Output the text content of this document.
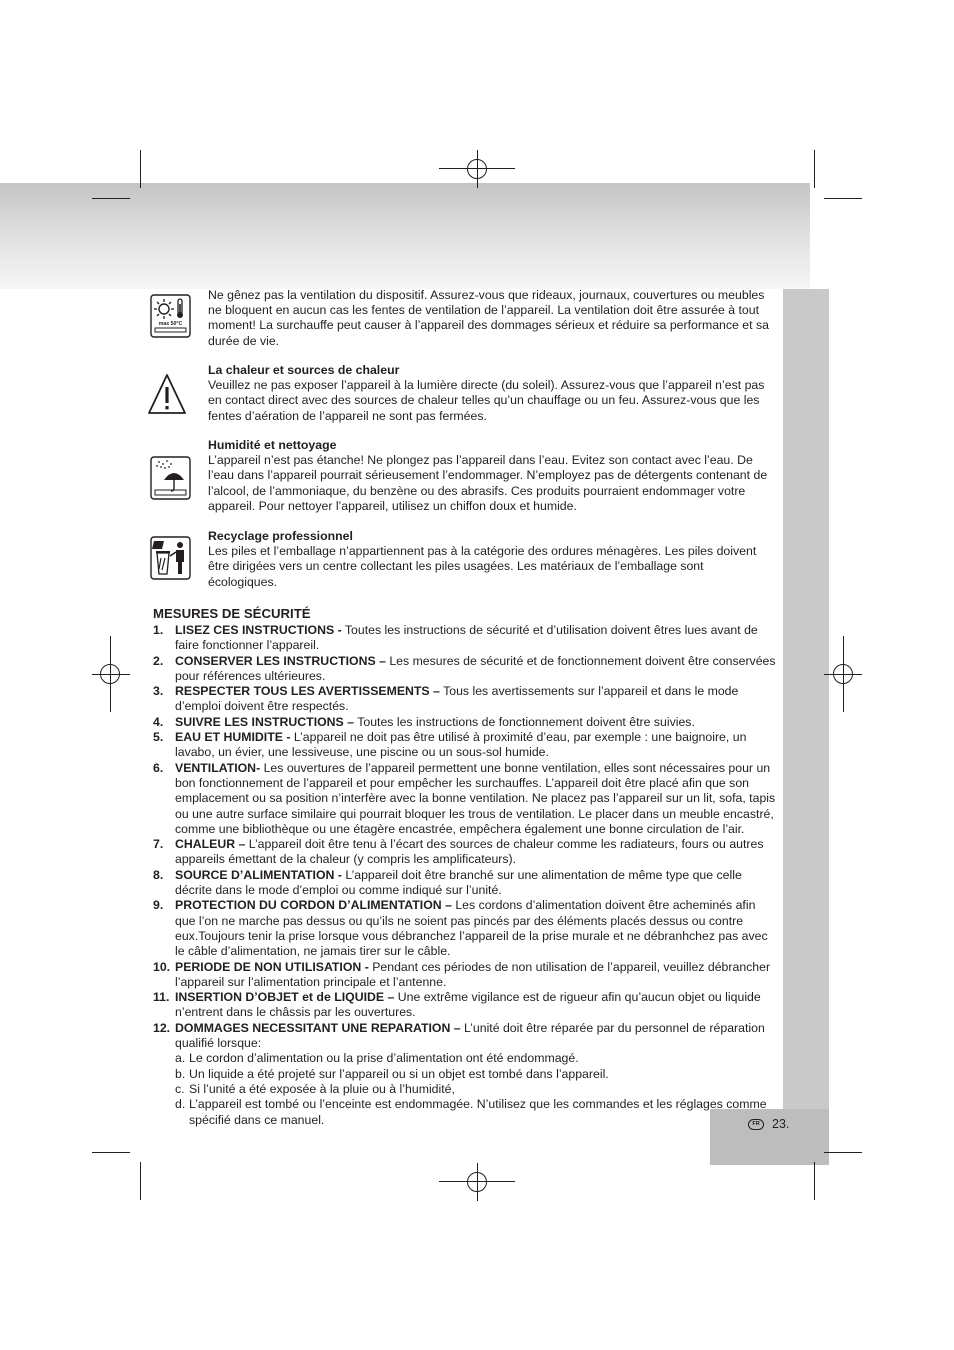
FR 23.
max 50°C

Ne gênez pas la ventilation du dispositif. Assurez-vous que rideaux, journaux, couvertures ou meubles ne bloquent en aucun cas les fentes de ventilation de l’appareil. La ventilation doit être assurée à tout moment! La surchauffe peut causer à l’appareil des dommages sérieux et réduire sa performance et sa durée de vie.

La chaleur et sources de chaleur

Veuillez ne pas exposer l’appareil à la lumière directe (du soleil). Assurez-vous que l’appareil n’est pas en contact direct avec des sources de chaleur telles qu’un chauffage ou un feu. Assurez-vous que les fentes d’aération de l’appareil ne sont pas fermées.

Humidité et nettoyage

L’appareil n’est pas étanche! Ne plongez pas l’appareil dans l’eau. Evitez son contact avec l’eau. De l’eau dans l’appareil pourrait sérieusement l’endommager. N’employez pas de détergents contenant de l’alcool, de l’ammoniaque, du benzène ou des abrasifs. Ces produits pourraient endommager votre appareil. Pour nettoyer l’appareil, utilisez un chiffon doux et humide.

Recyclage professionnel

Les piles et l’emballage n’appartiennent pas à la catégorie des ordures ménagères. Les piles doivent être dirigées vers un centre collectant les piles usagées. Les matériaux de l’emballage sont écologiques.

MESURES DE SÉCURITÉ
1. LISEZ CES INSTRUCTIONS - Toutes les instructions de sécurité et d’utilisation doivent êtres lues avant de faire fonctionner l’appareil.
2. CONSERVER LES INSTRUCTIONS – Les mesures de sécurité et de fonctionnement doivent être conservées pour références ultérieures.
3. RESPECTER TOUS LES AVERTISSEMENTS – Tous les avertissements sur l’appareil et dans le mode d’emploi doivent être respectés.
4. SUIVRE LES INSTRUCTIONS – Toutes les instructions de fonctionnement doivent être suivies.
5. EAU ET HUMIDITE - L’appareil ne doit pas être utilisé à proximité d’eau, par exemple : une baignoire, un lavabo, un évier, une lessiveuse, une piscine ou un sous-sol humide.
6. VENTILATION- Les ouvertures de l’appareil permettent une bonne ventilation, elles sont nécessaires pour un bon fonctionnement de l’appareil et pour empêcher les surchauffes. L’appareil doit être placé afin que son emplacement ou sa position n’interfère avec la bonne ventilation. Ne placez pas l’appareil sur un lit, sofa, tapis ou une autre surface similaire qui pourrait bloquer les trous de ventilation. Le placer dans un meuble encastré, comme une bibliothèque ou une étagère encastrée, empêchera également une bonne circulation de l’air.
7. CHALEUR – L’appareil doit être tenu à l’écart des sources de chaleur comme les radiateurs, fours ou autres appareils émettant de la chaleur (y compris les amplificateurs).
8. SOURCE D’ALIMENTATION - L’appareil doit être branché sur une alimentation de même type que celle décrite dans le mode d’emploi ou comme indiqué sur l’unité.
9. PROTECTION DU CORDON D’ALIMENTATION – Les cordons d’alimentation doivent être acheminés afin que l’on ne marche pas dessus ou qu’ils ne soient pas pincés par des éléments placés dessus ou contre eux.Toujours tenir la prise lorsque vous débranchez l’appareil de la prise murale et ne débranhchez pas avec le câble d’alimentation, ne jamais tirer sur le câble.
10. PERIODE DE NON UTILISATION - Pendant ces périodes de non utilisation de l’appareil, veuillez débrancher l’appareil sur l’alimentation principale et l’antenne.
11. INSERTION D’OBJET et de LIQUIDE – Une extrême vigilance est de rigueur afin qu’aucun objet ou liquide n’entrent dans le châssis par les ouvertures.
12. DOMMAGES NECESSITANT UNE REPARATION – L’unité doit être réparée par du personnel de réparation qualifié lorsque:
a. Le cordon d’alimentation ou la prise d’alimentation ont été endommagé.
b. Un liquide a été projeté sur l’appareil ou si un objet est tombé dans l’appareil.
c. Si l’unité a été exposée à la pluie ou à l’humidité,
d. L’appareil est tombé ou l’enceinte est endommagée. N’utilisez que les commandes et les réglages comme spécifié dans ce manuel.
